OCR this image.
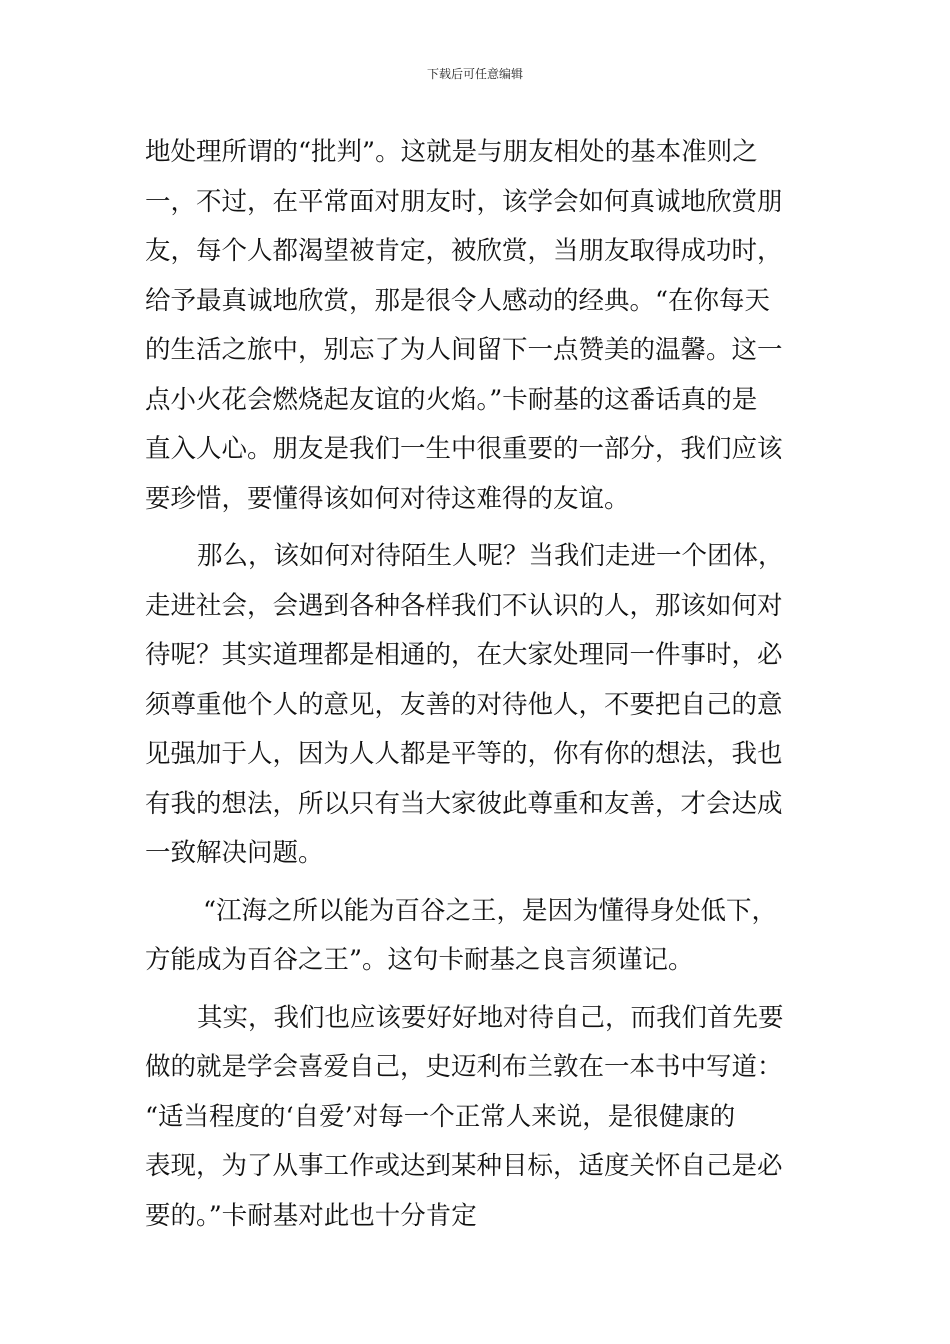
下载后可任意编辑
地处理所谓的“批判”。这就是与朋友相处的基本准则之
一，不过，在平常面对朋友时，该学会如何真诚地欣赏朋
友，每个人都渴望被肯定，被欣赏，当朋友取得成功时，
给予最真诚地欣赏，那是很令人感动的经典。“在你每天
的生活之旅中，别忘了为人间留下一点赞美的温馨。这一
点小火花会燃烧起友谊的火焰。”卡耐基的这番话真的是
直入人心。朋友是我们一生中很重要的一部分，我们应该
要珍惜，要懂得该如何对待这难得的友谊。
那么，该如何对待陌生人呢？当我们走进一个团体，
走进社会，会遇到各种各样我们不认识的人，那该如何对
待呢？其实道理都是相通的，在大家处理同一件事时，必
须尊重他个人的意见，友善的对待他人，不要把自己的意
见强加于人，因为人人都是平等的，你有你的想法，我也
有我的想法，所以只有当大家彼此尊重和友善，才会达成
一致解决问题。
“江海之所以能为百谷之王，是因为懂得身处低下，
方能成为百谷之王”。这句卡耐基之良言须谨记。
其实，我们也应该要好好地对待自己，而我们首先要
做的就是学会喜爱自己，史迈利布兰敦在一本书中写道：
“适当程度的‘自爱’对每一个正常人来说，是很健康的
表现，为了从事工作或达到某种目标，适度关怀自己是必
要的。”卡耐基对此也十分肯定
